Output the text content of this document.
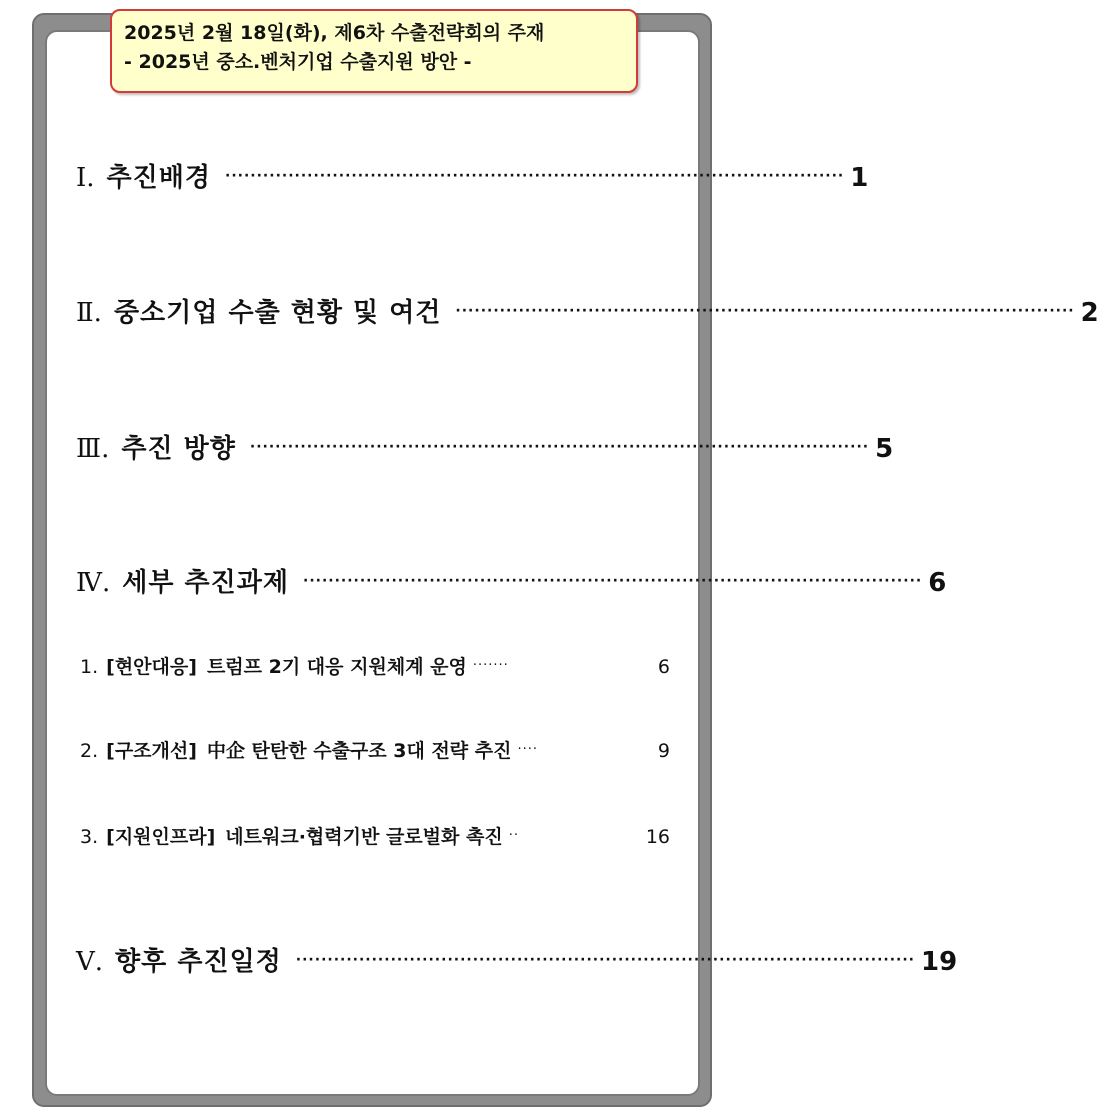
2025년 2월 18일(화), 제6차 수출전략회의 주재
- 2025년 중소.벤처기업 수출지원 방안 -
Ⅰ. 추진배경 ·································································································· 1
Ⅱ. 중소기업 수출 현황 및 여건 ·································································································· 2
Ⅲ. 추진 방향 ·································································································· 5
Ⅳ. 세부 추진과제 ·································································································· 6
1. [현안대응] 트럼프 2기 대응 지원체계 운영 ·······	6
2. [구조개선] 中企 탄탄한 수출구조 3대 전략 추진 ····	9
3. [지원인프라] 네트워크·협력기반 글로벌화 촉진 ··	16
Ⅴ. 향후 추진일정 ·································································································· 19
